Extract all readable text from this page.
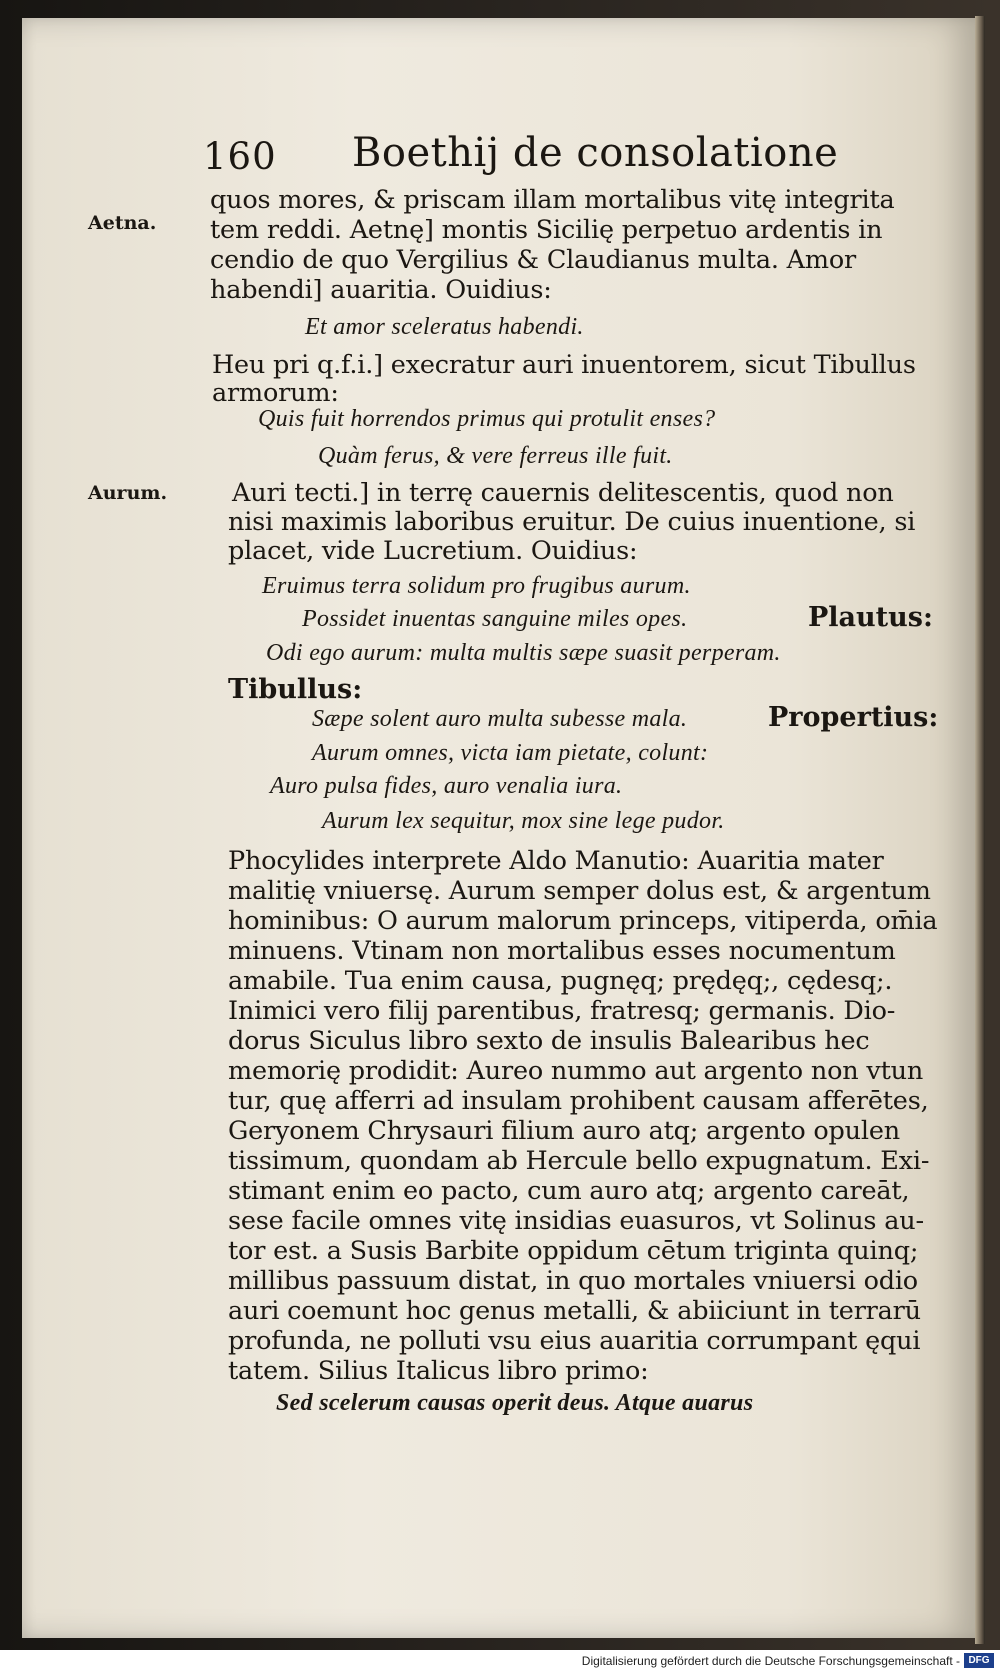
160 Boethij de consolatione
Aetna.
Aurum.
quos mores, & priscam illam mortalibus vitę integrita
tem reddi. Aetnę] montis Sicilię perpetuo ardentis in
cendio de quo Vergilius & Claudianus multa. Amor
habendi] auaritia. Ouidius:
Et amor sceleratus habendi.
Heu pri q.f.i.] execratur auri inuentorem, sicut Tibullus
armorum:
Quis fuit horrendos primus qui protulit enses?
Quàm ferus, & vere ferreus ille fuit.
Auri tecti.] in terrę cauernis delitescentis, quod non
nisi maximis laboribus eruitur. De cuius inuentione, si
placet, vide Lucretium. Ouidius:
Eruimus terra solidum pro frugibus aurum.
Possidet inuentas sanguine miles opes.	Plautus:
Odi ego aurum: multa multis sæpe suasit perperam.
Tibullus:
Sæpe solent auro multa subesse mala.	Propertius:
Aurum omnes, victa iam pietate, colunt:
Auro pulsa fides, auro venalia iura.
Aurum lex sequitur, mox sine lege pudor.
Phocylides interprete Aldo Manutio: Auaritia mater
malitię vniuersę. Aurum semper dolus est, & argentum
hominibus: O aurum malorum princeps, vitiperda, om̄ia
minuens. Vtinam non mortalibus esses nocumentum
amabile. Tua enim causa, pugnęq; prędęq;, cędesq;.
Inimici vero filij parentibus, fratresq; germanis. Dio-
dorus Siculus libro sexto de insulis Balearibus hec
memorię prodidit: Aureo nummo aut argento non vtun
tur, quę afferri ad insulam prohibent causam afferētes,
Geryonem Chrysauri filium auro atq; argento opulen
tissimum, quondam ab Hercule bello expugnatum. Exi-
stimant enim eo pacto, cum auro atq; argento careāt,
sese facile omnes vitę insidias euasuros, vt Solinus au-
tor est. a Susis Barbite oppidum cētum triginta quinq;
millibus passuum distat, in quo mortales vniuersi odio
auri coemunt hoc genus metalli, & abiiciunt in terrarū
profunda, ne polluti vsu eius auaritia corrumpant ęqui
tatem. Silius Italicus libro primo:
Sed scelerum causas operit deus. Atque auarus
Digitalisierung gefördert durch die Deutsche Forschungsgemeinschaft - DFG
